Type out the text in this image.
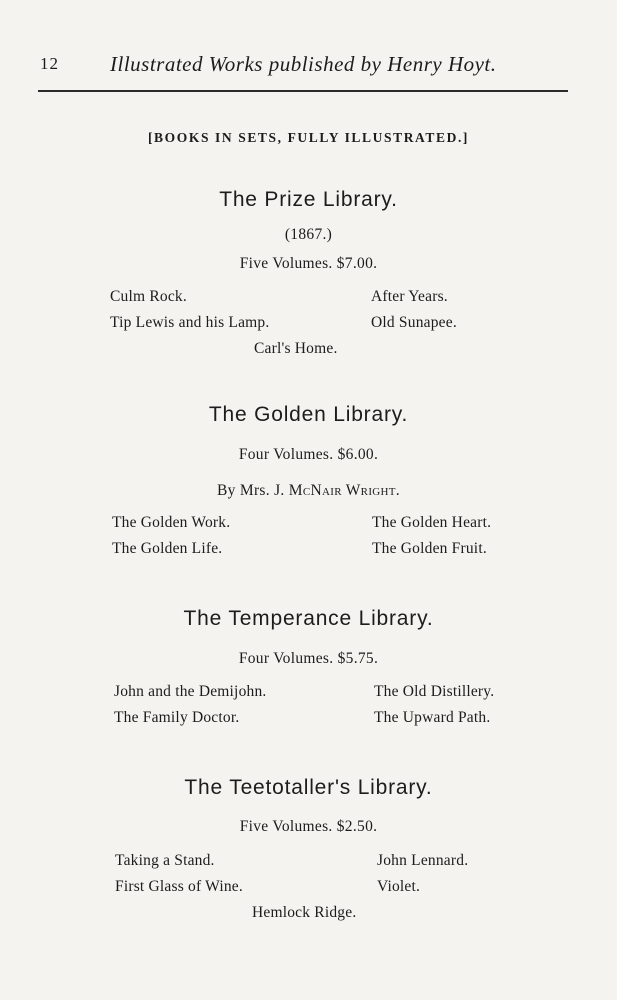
12 Illustrated Works published by Henry Hoyt.
[BOOKS IN SETS, FULLY ILLUSTRATED.]
The Prize Library.
(1867.)
Five Volumes. $7.00.
Culm Rock.	After Years.
Tip Lewis and his Lamp.	Old Sunapee.
Carl's Home.
The Golden Library.
Four Volumes. $6.00.
By Mrs. J. McNair Wright.
The Golden Work.	The Golden Heart.
The Golden Life.	The Golden Fruit.
The Temperance Library.
Four Volumes. $5.75.
John and the Demijohn.	The Old Distillery.
The Family Doctor.	The Upward Path.
The Teetotaller's Library.
Five Volumes. $2.50.
Taking a Stand.	John Lennard.
First Glass of Wine.	Violet.
Hemlock Ridge.
